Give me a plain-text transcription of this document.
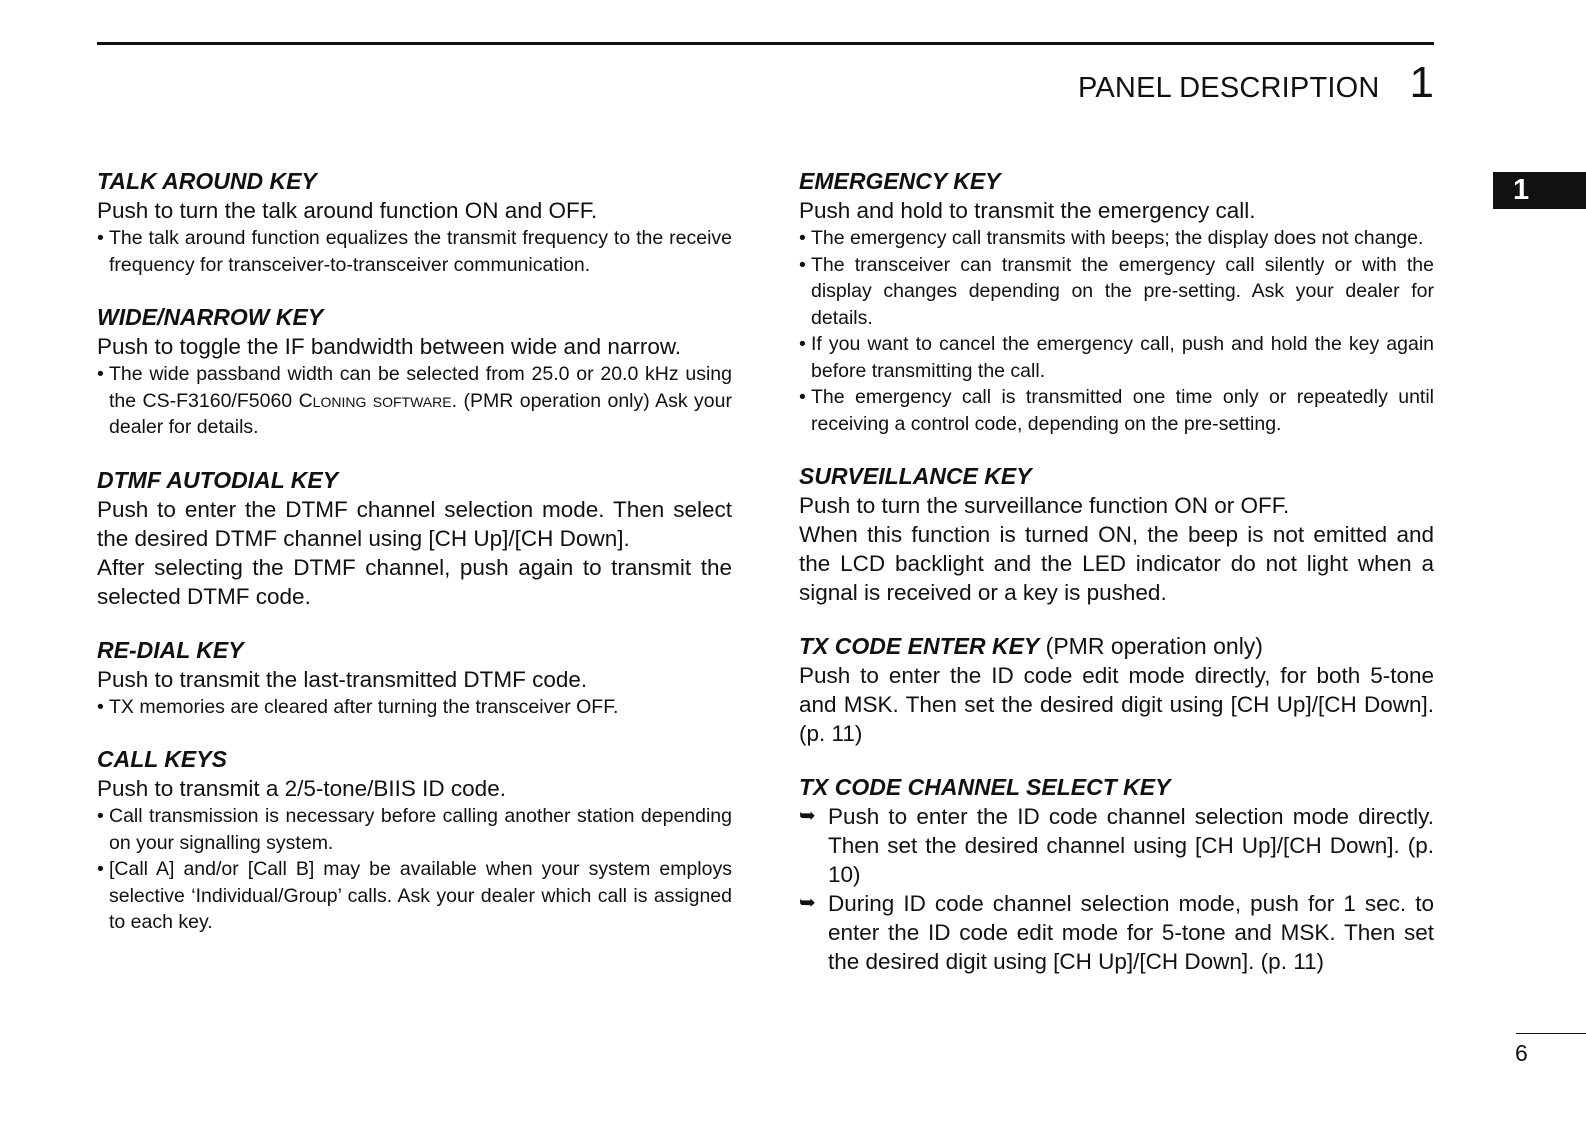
PANEL DESCRIPTION 1
1
TALK AROUND KEY
Push to turn the talk around function ON and OFF.
• The talk around function equalizes the transmit frequency to the receive frequency for transceiver-to-transceiver communication.
WIDE/NARROW KEY
Push to toggle the IF bandwidth between wide and narrow.
• The wide passband width can be selected from 25.0 or 20.0 kHz using the CS-F3160/F5060 Cloning software. (PMR operation only) Ask your dealer for details.
DTMF AUTODIAL KEY
Push to enter the DTMF channel selection mode. Then select the desired DTMF channel using [CH Up]/[CH Down].
After selecting the DTMF channel, push again to transmit the selected DTMF code.
RE-DIAL KEY
Push to transmit the last-transmitted DTMF code.
• TX memories are cleared after turning the transceiver OFF.
CALL KEYS
Push to transmit a 2/5-tone/BIIS ID code.
• Call transmission is necessary before calling another station depending on your signalling system.
• [Call A] and/or [Call B] may be available when your system employs selective ‘Individual/Group’ calls. Ask your dealer which call is assigned to each key.
EMERGENCY KEY
Push and hold to transmit the emergency call.
• The emergency call transmits with beeps; the display does not change.
• The transceiver can transmit the emergency call silently or with the display changes depending on the pre-setting. Ask your dealer for details.
• If you want to cancel the emergency call, push and hold the key again before transmitting the call.
• The emergency call is transmitted one time only or repeatedly until receiving a control code, depending on the pre-setting.
SURVEILLANCE KEY
Push to turn the surveillance function ON or OFF.
When this function is turned ON, the beep is not emitted and the LCD backlight and the LED indicator do not light when a signal is received or a key is pushed.
TX CODE ENTER KEY (PMR operation only)
Push to enter the ID code edit mode directly, for both 5-tone and MSK. Then set the desired digit using [CH Up]/[CH Down]. (p. 11)
TX CODE CHANNEL SELECT KEY
➥ Push to enter the ID code channel selection mode directly. Then set the desired channel using [CH Up]/[CH Down]. (p. 10)
➥ During ID code channel selection mode, push for 1 sec. to enter the ID code edit mode for 5-tone and MSK. Then set the desired digit using [CH Up]/[CH Down]. (p. 11)
6
